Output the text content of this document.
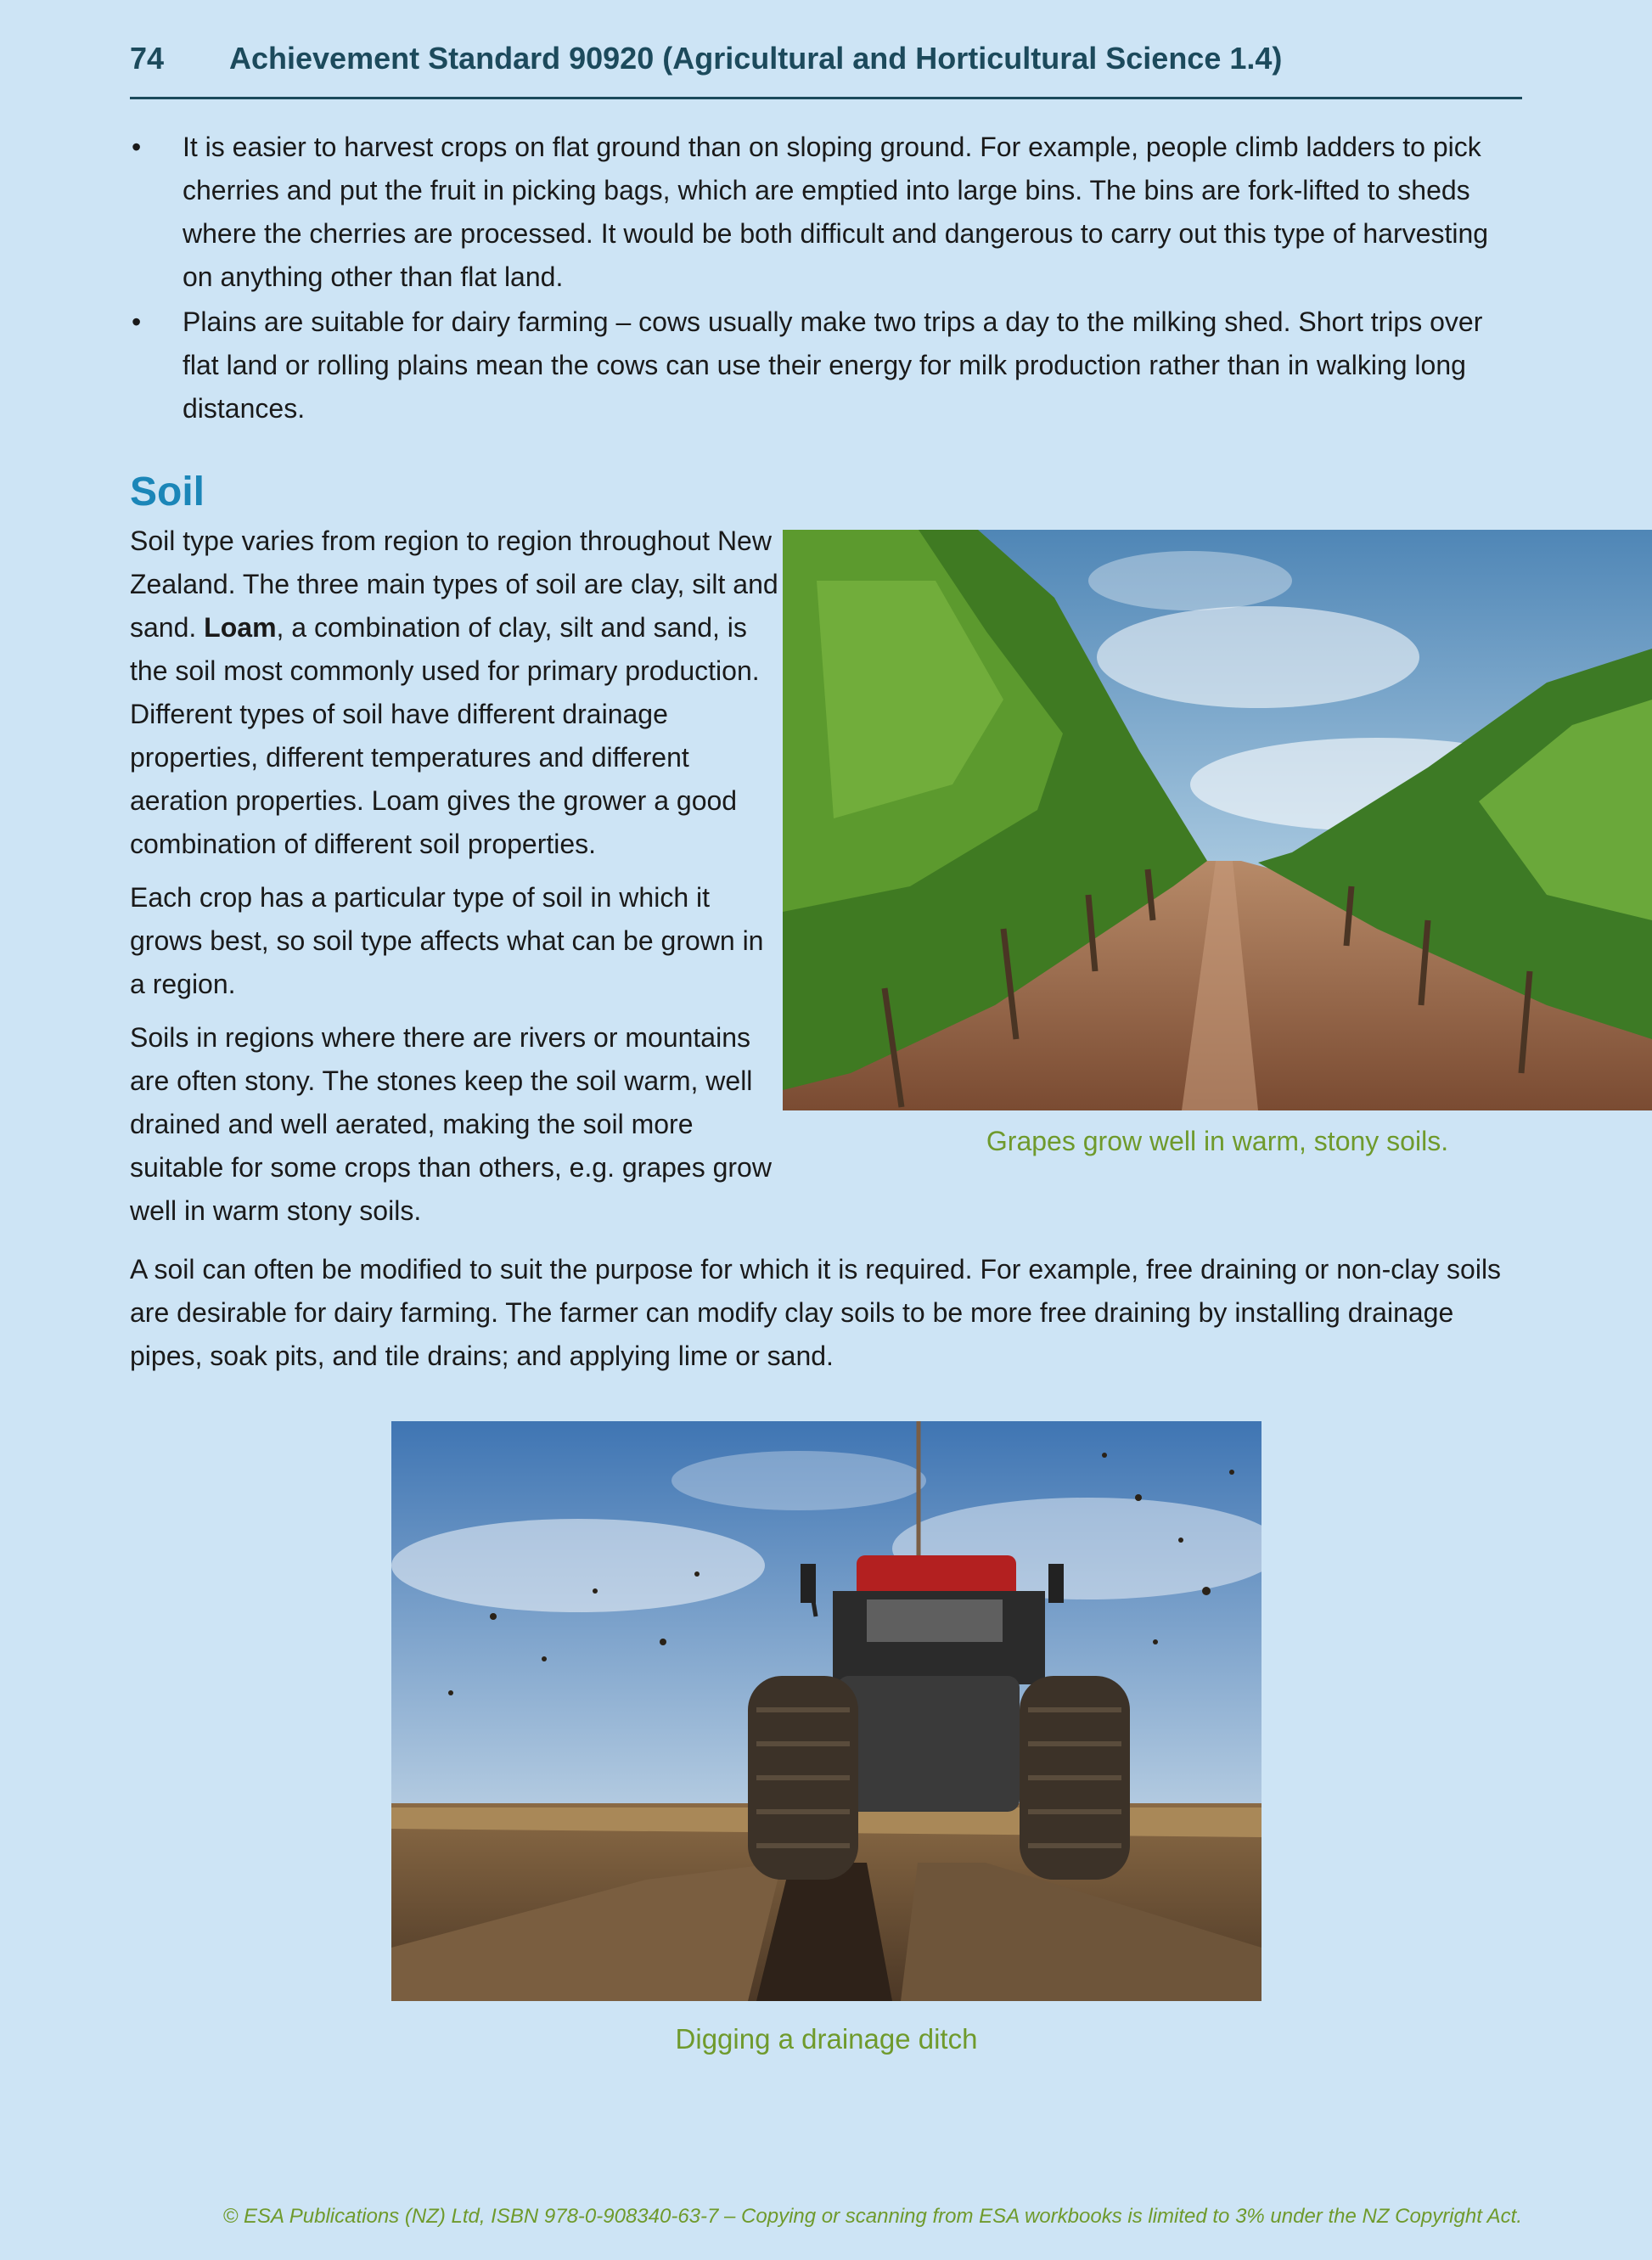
74 Achievement Standard 90920 (Agricultural and Horticultural Science 1.4)
• It is easier to harvest crops on flat ground than on sloping ground. For example, people climb ladders to pick cherries and put the fruit in picking bags, which are emptied into large bins. The bins are fork-lifted to sheds where the cherries are processed. It would be both difficult and dangerous to carry out this type of harvesting on anything other than flat land.
• Plains are suitable for dairy farming – cows usually make two trips a day to the milking shed. Short trips over flat land or rolling plains mean the cows can use their energy for milk production rather than in walking long distances.
Soil

Soil type varies from region to region throughout New Zealand. The three main types of soil are clay, silt and sand. Loam, a combination of clay, silt and sand, is the soil most commonly used for primary production. Different types of soil have different drainage properties, different temperatures and different aeration properties. Loam gives the grower a good combination of different soil properties.

Each crop has a particular type of soil in which it grows best, so soil type affects what can be grown in a region.

Soils in regions where there are rivers or mountains are often stony. The stones keep the soil warm, well drained and well aerated, making the soil more suitable for some crops than others, e.g. grapes grow well in warm stony soils.

Grapes grow well in warm, stony soils.

A soil can often be modified to suit the purpose for which it is required. For example, free draining or non-clay soils are desirable for dairy farming. The farmer can modify clay soils to be more free draining by installing drainage pipes, soak pits, and tile drains; and applying lime or sand.

Digging a drainage ditch
© ESA Publications (NZ) Ltd, ISBN 978-0-908340-63-7 – Copying or scanning from ESA workbooks is limited to 3% under the NZ Copyright Act.
